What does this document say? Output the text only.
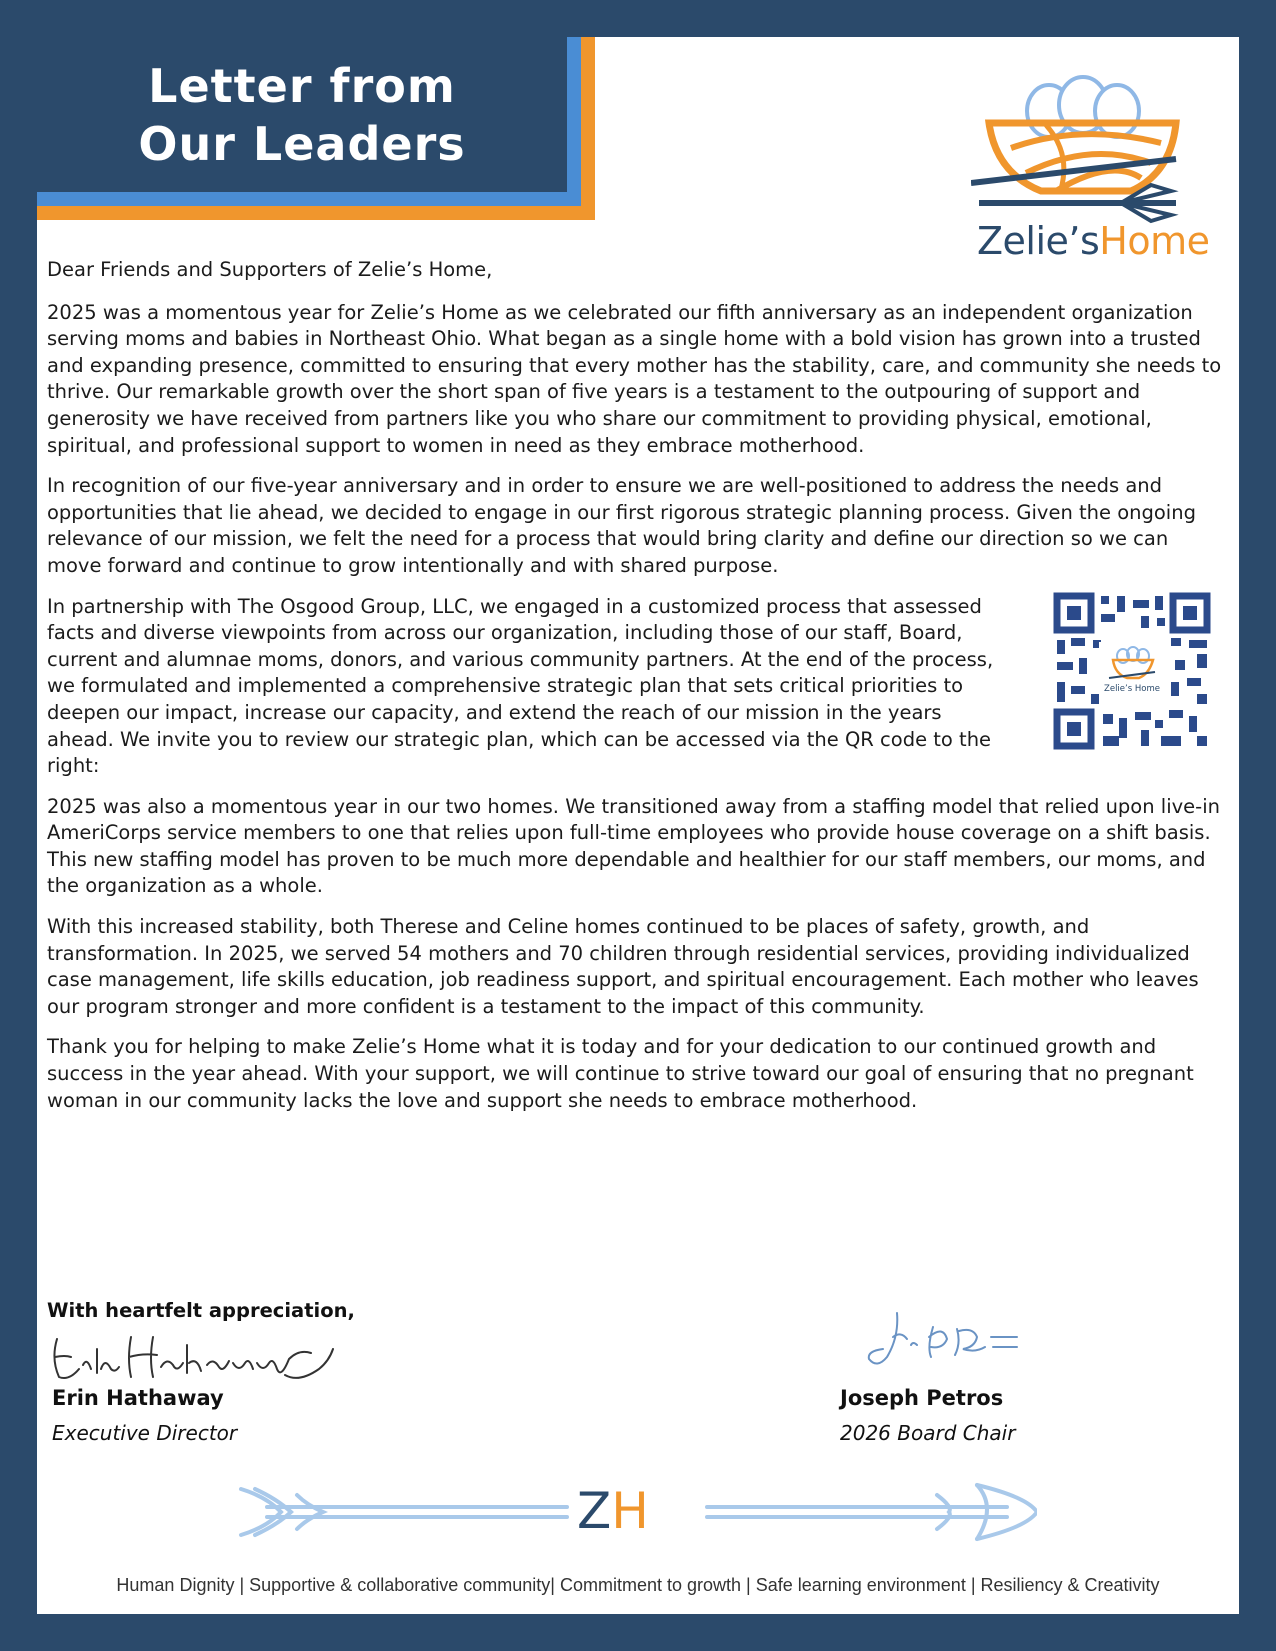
Letter from
Our Leaders
Zelie’sHome

Dear Friends and Supporters of Zelie’s Home,

2025 was a momentous year for Zelie’s Home as we celebrated our fifth anniversary as an independent organization serving moms and babies in Northeast Ohio. What began as a single home with a bold vision has grown into a trusted and expanding presence, committed to ensuring that every mother has the stability, care, and community she needs to thrive. Our remarkable growth over the short span of five years is a testament to the outpouring of support and generosity we have received from partners like you who share our commitment to providing physical, emotional, spiritual, and professional support to women in need as they embrace motherhood.

In recognition of our five-year anniversary and in order to ensure we are well-positioned to address the needs and opportunities that lie ahead, we decided to engage in our first rigorous strategic planning process. Given the ongoing relevance of our mission, we felt the need for a process that would bring clarity and define our direction so we can move forward and continue to grow intentionally and with shared purpose.

In partnership with The Osgood Group, LLC, we engaged in a customized process that assessed facts and diverse viewpoints from across our organization, including those of our staff, Board, current and alumnae moms, donors, and various community partners. At the end of the process, we formulated and implemented a comprehensive strategic plan that sets critical priorities to deepen our impact, increase our capacity, and extend the reach of our mission in the years ahead. We invite you to review our strategic plan, which can be accessed via the QR code to the right:

Zelie’s Home

2025 was also a momentous year in our two homes. We transitioned away from a staffing model that relied upon live-in AmeriCorps service members to one that relies upon full-time employees who provide house coverage on a shift basis. This new staffing model has proven to be much more dependable and healthier for our staff members, our moms, and the organization as a whole.

With this increased stability, both Therese and Celine homes continued to be places of safety, growth, and transformation. In 2025, we served 54 mothers and 70 children through residential services, providing individualized case management, life skills education, job readiness support, and spiritual encouragement. Each mother who leaves our program stronger and more confident is a testament to the impact of this community.

Thank you for helping to make Zelie’s Home what it is today and for your dedication to our continued growth and success in the year ahead. With your support, we will continue to strive toward our goal of ensuring that no pregnant woman in our community lacks the love and support she needs to embrace motherhood.

With heartfelt appreciation,
Erin Hathaway
Executive Director
Joseph Petros
2026 Board Chair
ZH
Human Dignity | Supportive & collaborative community| Commitment to growth | Safe learning environment | Resiliency & Creativity
